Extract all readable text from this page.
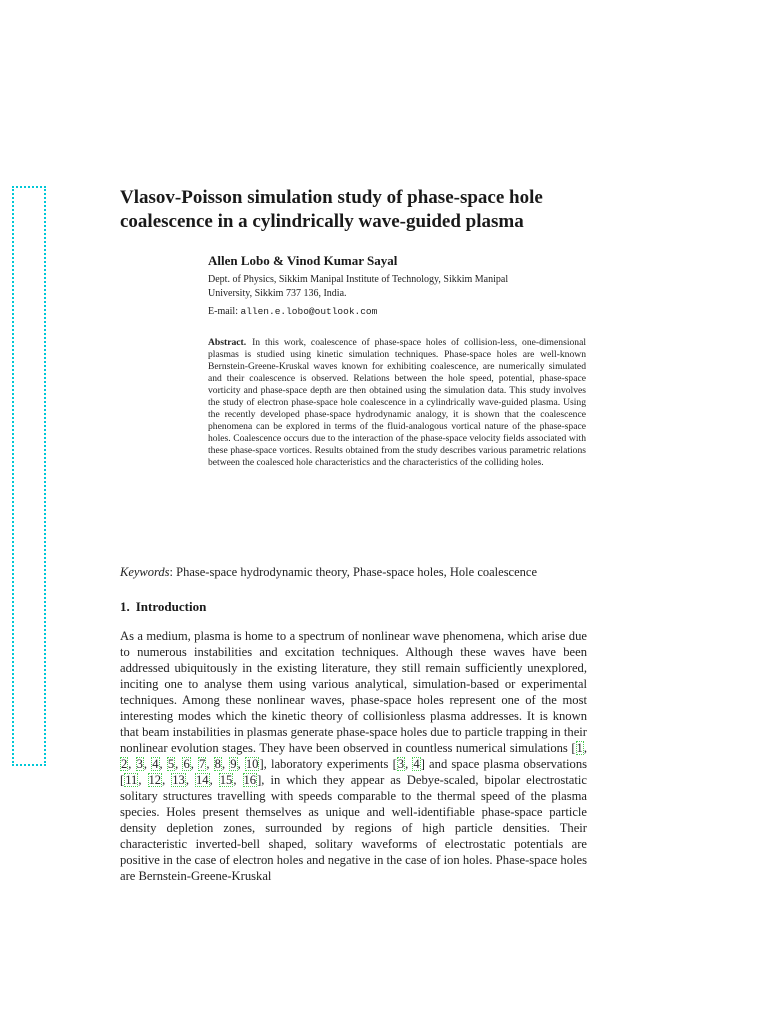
Vlasov-Poisson simulation study of phase-space hole
coalescence in a cylindrically wave-guided plasma
Allen Lobo & Vinod Kumar Sayal
Dept. of Physics, Sikkim Manipal Institute of Technology, Sikkim Manipal
University, Sikkim 737 136, India.
E-mail: allen.e.lobo@outlook.com
Abstract. In this work, coalescence of phase-space holes of collision-less, one-dimensional plasmas is studied using kinetic simulation techniques. Phase-space holes are well-known Bernstein-Greene-Kruskal waves known for exhibiting coalescence, are numerically simulated and their coalescence is observed. Relations between the hole speed, potential, phase-space vorticity and phase-space depth are then obtained using the simulation data. This study involves the study of electron phase-space hole coalescence in a cylindrically wave-guided plasma. Using the recently developed phase-space hydrodynamic analogy, it is shown that the coalescence phenomena can be explored in terms of the fluid-analogous vortical nature of the phase-space holes. Coalescence occurs due to the interaction of the phase-space velocity fields associated with these phase-space vortices. Results obtained from the study describes various parametric relations between the coalesced hole characteristics and the characteristics of the colliding holes.
Keywords: Phase-space hydrodynamic theory, Phase-space holes, Hole coalescence
1. Introduction
As a medium, plasma is home to a spectrum of nonlinear wave phenomena, which arise due to numerous instabilities and excitation techniques. Although these waves have been addressed ubiquitously in the existing literature, they still remain sufficiently unexplored, inciting one to analyse them using various analytical, simulation-based or experimental techniques. Among these nonlinear waves, phase-space holes represent one of the most interesting modes which the kinetic theory of collisionless plasma addresses. It is known that beam instabilities in plasmas generate phase-space holes due to particle trapping in their nonlinear evolution stages. They have been observed in countless numerical simulations [1, 2, 3, 4, 5, 6, 7, 8, 9, 10], laboratory experiments [3, 4] and space plasma observations [11, 12, 13, 14, 15, 16], in which they appear as Debye-scaled, bipolar electrostatic solitary structures travelling with speeds comparable to the thermal speed of the plasma species. Holes present themselves as unique and well-identifiable phase-space particle density depletion zones, surrounded by regions of high particle densities. Their characteristic inverted-bell shaped, solitary waveforms of electrostatic potentials are positive in the case of electron holes and negative in the case of ion holes. Phase-space holes are Bernstein-Greene-Kruskal
